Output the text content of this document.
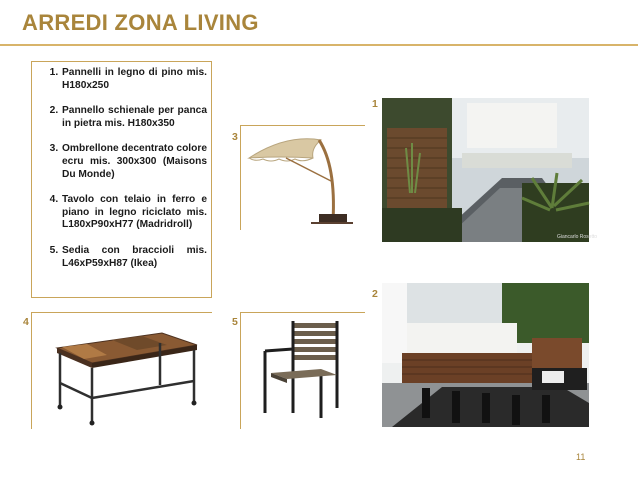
ARREDI ZONA LIVING
1. Pannelli in legno di pino mis. H180x250
2. Pannello schienale per panca in pietra mis. H180x350
3. Ombrellone decentrato colore ecru mis. 300x300 (Maisons Du Monde)
4. Tavolo con telaio in ferro e piano in legno riciclato mis. L180xP90xH77 (Madridroll)
5. Sedia con braccioli mis. L46xP59xH87 (Ikea)
1
3
2
4	5
Giancarlo Rosetto
11
